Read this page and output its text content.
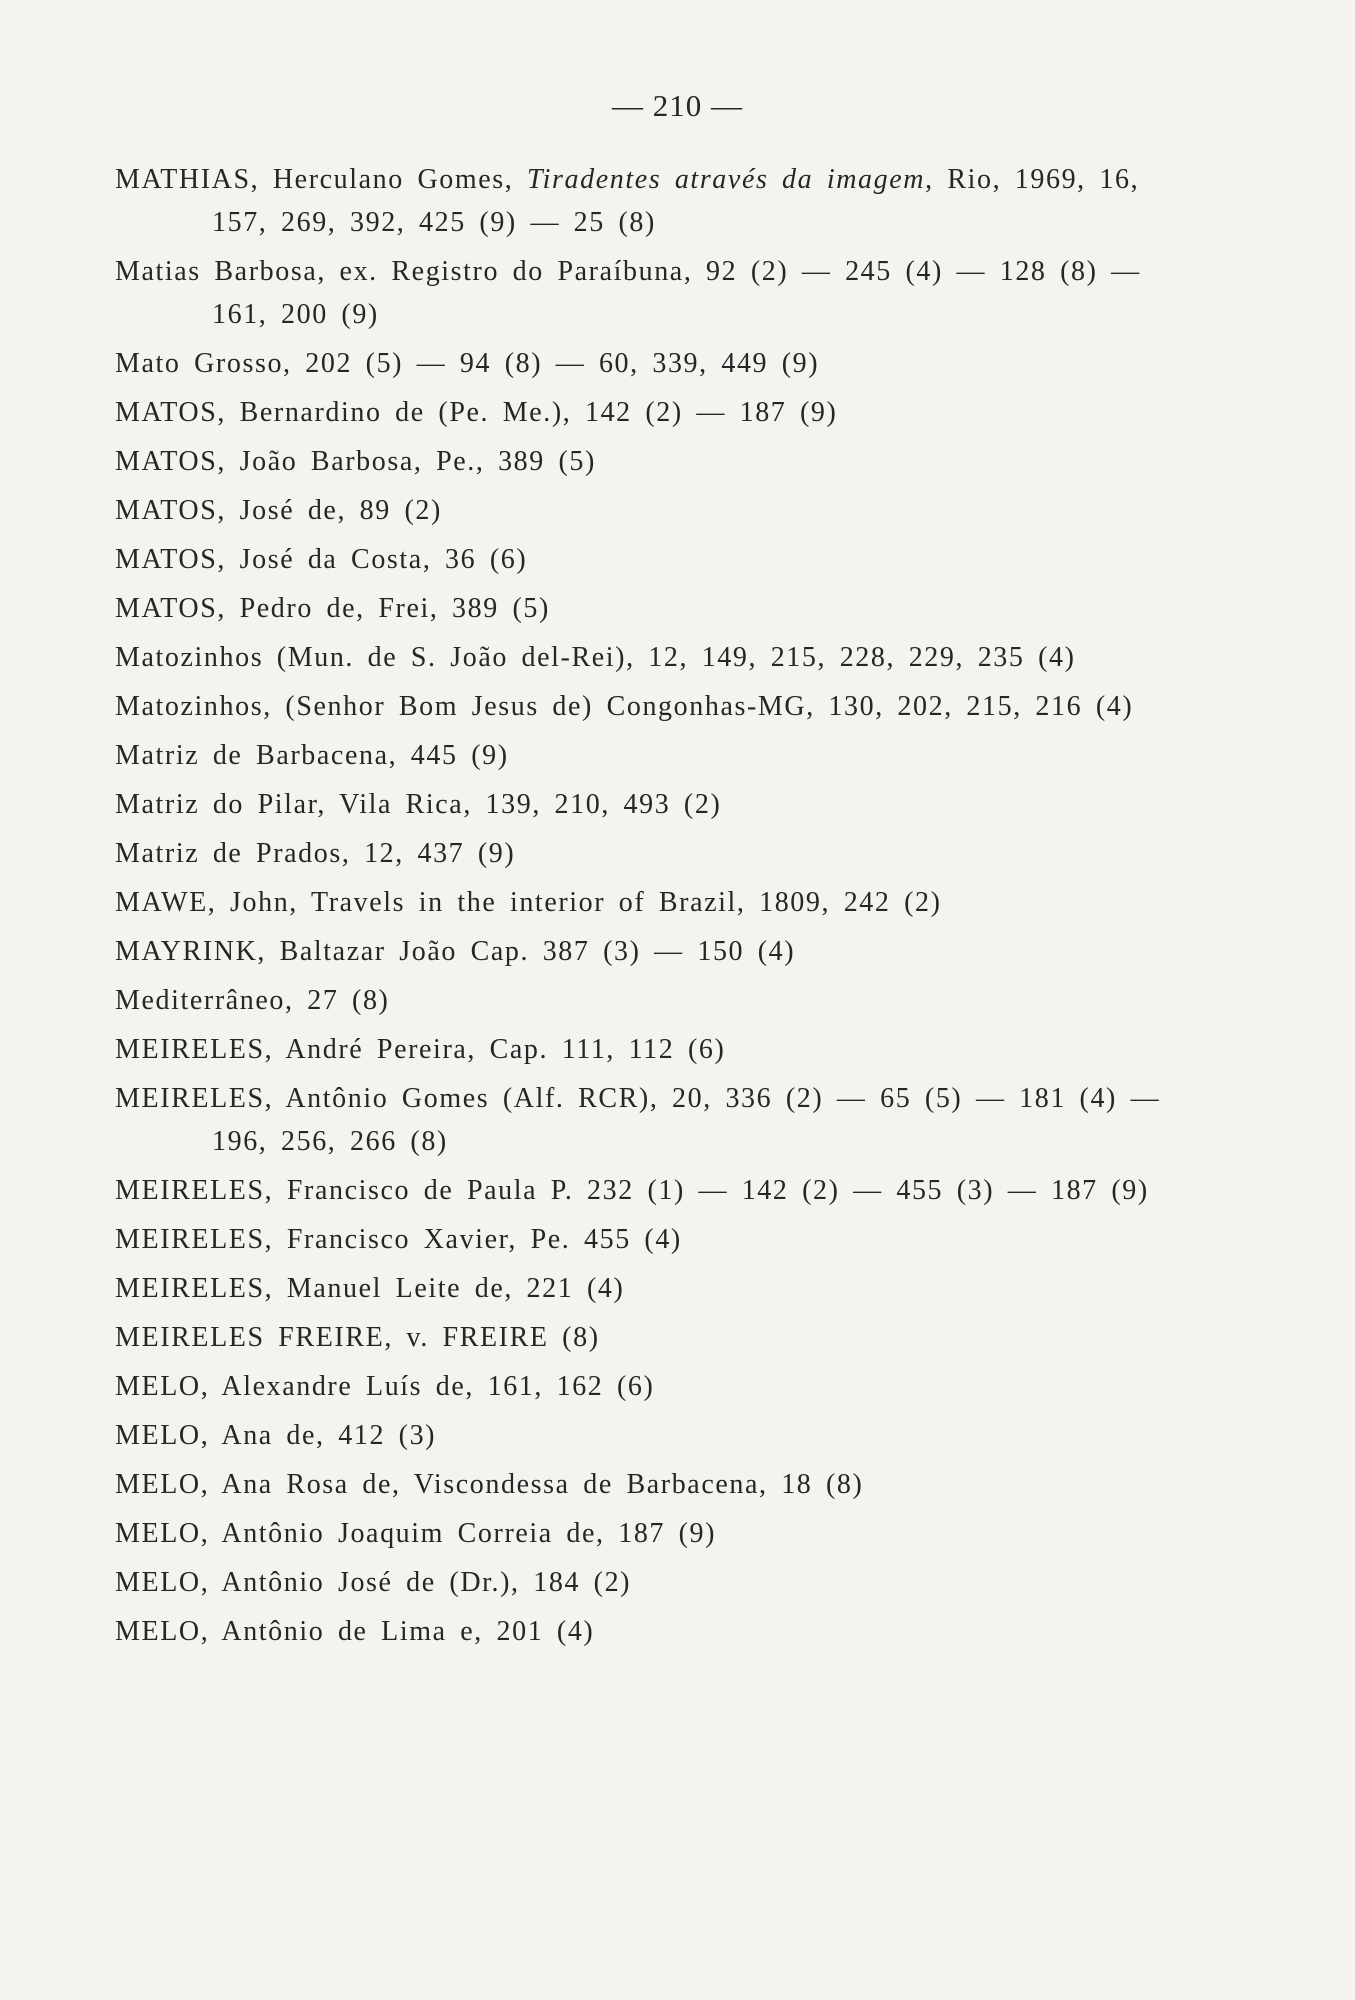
— 210 —
MATHIAS, Herculano Gomes, Tiradentes através da imagem, Rio, 1969, 16, 157, 269, 392, 425 (9) — 25 (8)
Matias Barbosa, ex. Registro do Paraíbuna, 92 (2) — 245 (4) — 128 (8) — 161, 200 (9)
Mato Grosso, 202 (5) — 94 (8) — 60, 339, 449 (9)
MATOS, Bernardino de (Pe. Me.), 142 (2) — 187 (9)
MATOS, João Barbosa, Pe., 389 (5)
MATOS, José de, 89 (2)
MATOS, José da Costa, 36 (6)
MATOS, Pedro de, Frei, 389 (5)
Matozinhos (Mun. de S. João del-Rei), 12, 149, 215, 228, 229, 235 (4)
Matozinhos, (Senhor Bom Jesus de) Congonhas-MG, 130, 202, 215, 216 (4)
Matriz de Barbacena, 445 (9)
Matriz do Pilar, Vila Rica, 139, 210, 493 (2)
Matriz de Prados, 12, 437 (9)
MAWE, John, Travels in the interior of Brazil, 1809, 242 (2)
MAYRINK, Baltazar João Cap. 387 (3) — 150 (4)
Mediterrâneo, 27 (8)
MEIRELES, André Pereira, Cap. 111, 112 (6)
MEIRELES, Antônio Gomes (Alf. RCR), 20, 336 (2) — 65 (5) — 181 (4) — 196, 256, 266 (8)
MEIRELES, Francisco de Paula P. 232 (1) — 142 (2) — 455 (3) — 187 (9)
MEIRELES, Francisco Xavier, Pe. 455 (4)
MEIRELES, Manuel Leite de, 221 (4)
MEIRELES FREIRE, v. FREIRE (8)
MELO, Alexandre Luís de, 161, 162 (6)
MELO, Ana de, 412 (3)
MELO, Ana Rosa de, Viscondessa de Barbacena, 18 (8)
MELO, Antônio Joaquim Correia de, 187 (9)
MELO, Antônio José de (Dr.), 184 (2)
MELO, Antônio de Lima e, 201 (4)
